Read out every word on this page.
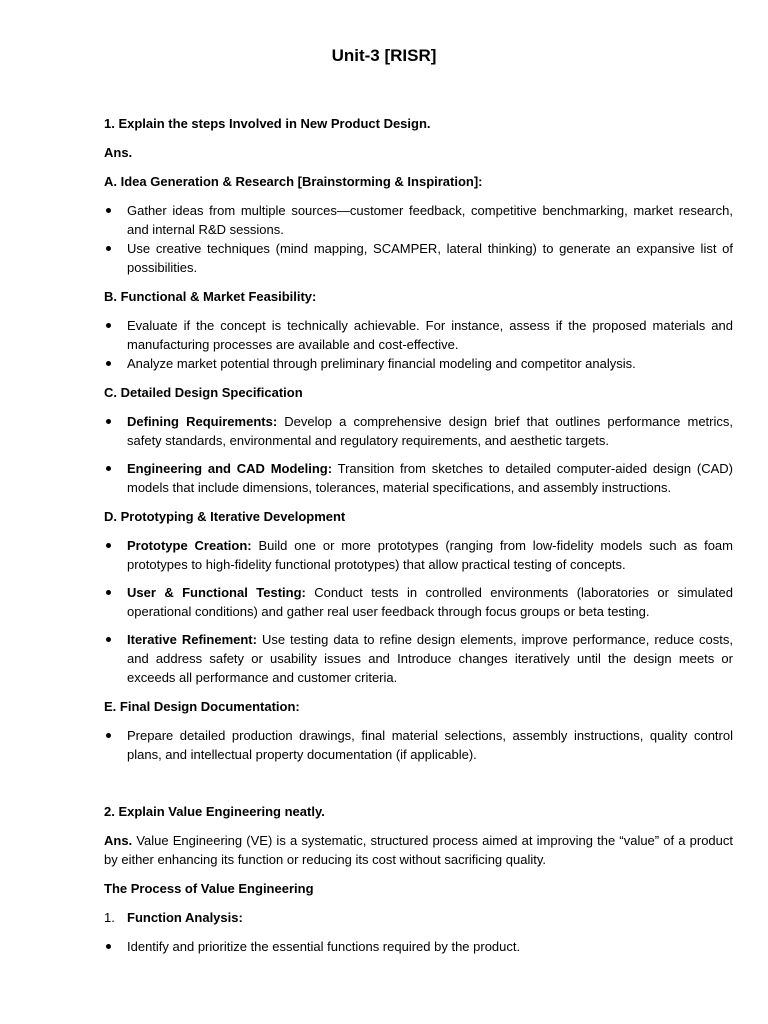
Unit-3 [RISR]

1. Explain the steps Involved in New Product Design.

Ans.

A. Idea Generation & Research [Brainstorming & Inspiration]:

Gather ideas from multiple sources—customer feedback, competitive benchmarking, market research, and internal R&D sessions.
Use creative techniques (mind mapping, SCAMPER, lateral thinking) to generate an expansive list of possibilities.

B. Functional & Market Feasibility:

Evaluate if the concept is technically achievable. For instance, assess if the proposed materials and manufacturing processes are available and cost-effective.
Analyze market potential through preliminary financial modeling and competitor analysis.

C. Detailed Design Specification

Defining Requirements: Develop a comprehensive design brief that outlines performance metrics, safety standards, environmental and regulatory requirements, and aesthetic targets.
Engineering and CAD Modeling: Transition from sketches to detailed computer-aided design (CAD) models that include dimensions, tolerances, material specifications, and assembly instructions.

D. Prototyping & Iterative Development

Prototype Creation: Build one or more prototypes (ranging from low-fidelity models such as foam prototypes to high-fidelity functional prototypes) that allow practical testing of concepts.
User & Functional Testing: Conduct tests in controlled environments (laboratories or simulated operational conditions) and gather real user feedback through focus groups or beta testing.
Iterative Refinement: Use testing data to refine design elements, improve performance, reduce costs, and address safety or usability issues and Introduce changes iteratively until the design meets or exceeds all performance and customer criteria.

E. Final Design Documentation:

Prepare detailed production drawings, final material selections, assembly instructions, quality control plans, and intellectual property documentation (if applicable).

2. Explain Value Engineering neatly.

Ans. Value Engineering (VE) is a systematic, structured process aimed at improving the “value” of a product by either enhancing its function or reducing its cost without sacrificing quality.

The Process of Value Engineering

1. Function Analysis:

Identify and prioritize the essential functions required by the product.
